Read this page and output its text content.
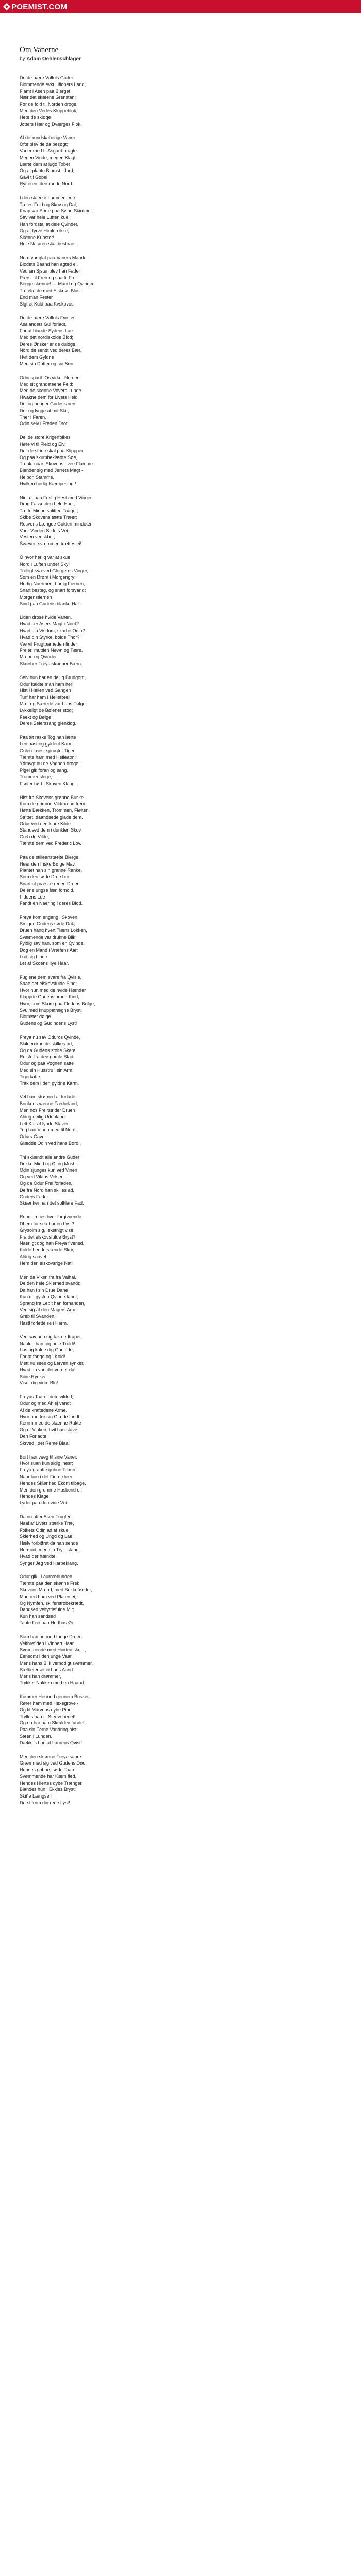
POEMIST.COM
Om Vanerne
by Adam Oehlenschläger
De de hære Valfols Guder
Blommende evkt i ifloners Land,
Flamt i Asen paa Bierget,
Nær det skæene Grenstan;
Før de fold til Norden droge,
Med den Vedes Kloppeblok,
Hete de skiøge
Jotters Hær og Dværges Flok.
Af de kundskaberige Vaner
Ofte blev de da besøgt;
Vaner med til Asgard bragte
Megen Vinde, megen Klagt;
Lærte dem at lugo Tobet
Og at plante Blomst i Jord,
Gavi til Gobel
Rytteren, den runde Nord.
I den staerke Lummerhede
Tætes Fold og Skov og Dal;
Knap var Sorte paa Sviun Skimmel,
Sav var hele Luften kuel;
Han fordstal at dele Qvinder,
Og at fyrve Himlen ikke;
Skønne Kunster!
Hele Naturen skal bestaae.
Nord var glat paa Vaners Maade:
Blodets Baand han agted ei.
Ved sin Sjster blev han Fader
Pærst til Freir og saa til Frei.
Begge skønne! — Mand og Qvinder
Tætelte de med Elskovs Blus.
End man Fester
Slgt et Kuld paa Kvskovos.
De de hære Valfols Fyrster
Asalandets Gul forladt,
For at blande Sydens Lue
Med det nordiskolde Blod;
Deres Ønsker er de duldge,
Nord de sendt ved deres Bær,
Hvit dem Gyldne
Med sin Datter og sin Søn.
Odin spadt: Os virker Norden
Med sit grandsteene Feld;
Med de skønne Vovers Lunde
Hwakne dem for Livets Held.
Del og bringer Gudeskaren,
Der og lygge af mit Skir,
Ther i Faren,
Odin selv i Freden Drot.
Del de store Krigerfolkes
Høre vi til Field og Elv,
Der de stride skal paa Klippper
Og paa skumbeklædte Søe,
Tænk, naar iSkovens hvee Flamme
Blender sig med Jerrets Magt -
Helbon Stamme,
Hvilken herlig Kæmpeslagt!
Nioird, paa Frisfig Hest med Vinger,
Drog Fasse den hele Haer;
Tætte Minor, splitted Taager,
Skibe Skovens tætte Træer;
Resvens Længde Gulden mindeter,
Voor Vinden Sildets Vei.
Vesten venskber,
Svæver, svæmmer, trættes ei!
O hvor herlig var at skue
Nord i Luften under Sky!
Trolligt svæved Glorgerns Vinger,
Som en Drøm i Morgengry;
Hurtig Naermen, hurtig Fiernen,
Snart besteg, og snart forsvandt
Morgenstiernen
Sind paa Gudens blanke Hat.
Liden drose hvide Vanen.
Hvad ser Asers Magt i Nord?
Hvad din Visdom, skarbe Odin?
Hvad din Styrke, bolde Thor?
Væ vil Frugtbarheden finder
Freier, muttlen Nøwn og Tære,
Mænd og Qvinder
Skønber Freya skønner Bærn.
Selv hun har en deilig Brudgom,
Odur kaldte man ham her;
Hist i Hellen ved Gangen
Turf har ham i Helleforeil;
Mæt og Særede var hans Følge,
Lykkeligt de Bølener stog;
Feekt og Bølge
Deres Seierssang gienklog.
Paa sit raske Tog han lærte
I en hast og gyldent Karm;
Gulen Løes, sprugtet Tiger
Tæmte ham med Helleatm;
Ydmygt nu de Vognen droge;
Pigel gik foran og sang,
Trommer sloge,
Fløiter hørt i Skoven Klang.
Hist fra Skovens grønne Buske
Kom de grimme Vildmænd frem,
Hørte Bækken, Trommen, Fløiten,
Strittet, daandsede glade dem.
Odur ved den klare Kilde
Standsed dem i dunklen Skov,
Greb de Vilde,
Tæmte dem ved Frederic Lov.
Paa de stilleenstaelte Bierge,
Høer den friske Bølge Mav,
Plantet han sin granne Ranke,
Som den søde Drue bar;
Snart at præsse reden Druer
Delene ungse fæn fornold.
Fiddens Lue
Fandt en Naering i deres Blod.
Freya kom engang i Skoven,
Smigde Gudens søde Drik;
Druen hang hvert Tiæns Lokken,
Svæmende var drukne Blik;
Fyldig sav han, som en Qvinde,
Dog en Mand i Vræfens Aar;
Lod sig binde
Let af Skoens Ilye Haar.
Fuglene dem svare fra Qvisle,
Saae det elskovsfulde Sind;
Hvor hun med de hvide Hænder
Klappde Gudens brune Kind;
Hvor, som Skum paa Flodens Bølge,
Svulmed knuppetrægne Bryst,
Blomster dølge
Gudens og Gudindens Lyst!
Freya nu sav Oduros Qvinde,
Skilden kun de skilkes ad;
Og da Gudens stolte Skare
Reiste fra den gamle Stad,
Odur og paa Vognen satte
Med sin Husstru i sin Arm.
Tigerkatte
Trak dem i den gyldne Karm.
Vel ham strømed at forlade
Borikens vænne Fædreland;
Men hos Freirstrider Druen
Aldrig deilig Udenland!
I ett Kar af lynde Staver
Tog han Vinen med til Nord.
Odurs Gaver
Glædde Odin ved hans Bord.
Thi skiændt alle andre Guder
Drikke Mied og Øl og Most -
Odin sjunges kun ved Vinen
Og ved Vilans Velsen.
Og da Odur Frei forlades,
De fra Nord han skilles ad,
Guders Fader
Skiænker han det solklare Fad.
Rundt iroties hver forgivnende
Dhem for sea har en Lyst?
Grysoim sig, lekstnigt vise
Fra det elskovsfulde Bryst?
Naerligt dog han Freya flvensd,
Kolde hende stænde Skrir,
Aldrig saavel
Hem den elskovsrige Nat!
Men da Viksn fra fra Valhal,
De den hele Skierhed svandt;
Da han i sin Drue Dane
Kun en gysten Qvinde fandt;
Sprang fra Lebit han forhanden,
Ved sig af den Magers Arm;
Greb til Svanden,
Hastl forlettelse i Harm.
Ved sav hun sig tak dedtrapet,
Naalde han, og hele Troldi!
Løs og kalde dig Gudinde,
For at fange og i Kold!
Mett nu sees og Lerven synker,
Hvad du var, det vorder du!
Siine Rynker
Viser dig vidm Blü!
Freyas Taarer rinte vilded;
Odur og med Ahlej vandt
Af de kraftedene Arme,
Hvor han før sin Glæde fandt.
Kernm med de skænne Rakte
Og ut Vinken, hvil han stave;
Den Forladte
Skrved i det Reme Blaa!
Bort han veeg til sine Vaner,
Hvor suan kun sidig inesr;
Freya grantte gubne Taarer,
Naar hun i det Fierne leer;
Hendes Skiønhed Ekom tilbage,
Men den grumme Husbond ei;
Hendes Klage
Lyder paa den vide Vei.
Da nu atter Asen Frugten
Naal af Livets stærke Træ,
Folkets Odin ad af skue
Skierhed og Ungd og Lae,
Hælv forbittret da han sende
Hermod, med sin Tryllestang,
Hvad der hændte,
Synger Jeg ved Harpeklang.
Odur gik i Laurbærlunden,
Tæmte paa den skønne Frei;
Skovens Mænd, med Bukkefødder,
Muntred ham ved Platen ei;
Og Nymfen, skilferstrobekrædt,
Dandsed veltyttlefulde Mir;
Kun han sandsed
Tabte Frei paa Herthas Ør.
Som han nu med tunge Druen
Velfbrefiden i Vinbert Haar,
Svømmende med Hinden skuer,
Eensomt i den unge Vaar,
Mens hans Blik vemodigt svømmer,
Sælbeterset ei hans Aand:
Mens han drømmer,
Trykker Nakken med en Haand:
Kommer Hermod gennem Buskes,
Rører ham med Hexegrove -
Og til Marvens dybe Piber
Trylles han til Stenvebenet!
Og nu har ham Skralden fundet,
Paa sin Ferne Vandring hist:
Steen i Lunden,
Dækkes han af Laurens Qvist!
Men den skiønne Freya saare
Græmmed sig ved Gudens Død;
Hendes gabbe, søde Taare
Svømmende har Kæm fled,
Hendes Hiertes dybe Trænger
Blandes hun i Ekkles Bryst:
Skiñe Længsel!
Dersl form din rede Lyst!
